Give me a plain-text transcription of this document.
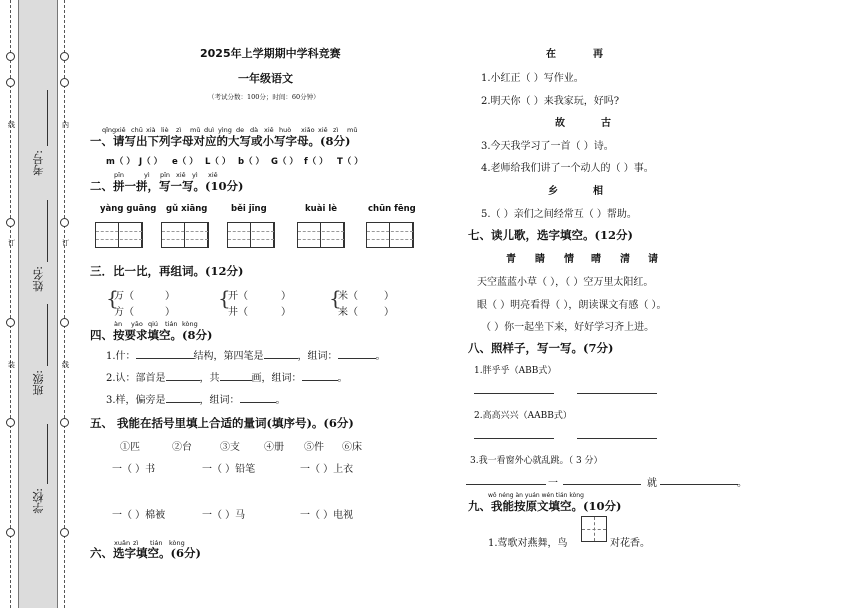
线
订
装
内
订
线
考号:
姓名:
班级:
学校:
2025年上学期期中学科竞赛
一年级语文
（考试分数：100分；时间：60分钟）
qǐngxiě chū xià liè zì mǔ duì yìng de dà xiě huò xiǎo xiě zì mǔ
一、请写出下列字母对应的大写或小写字母。(8分)
m（ ） J（ ） e（ ） L（ ） b（ ） G（ ） f（ ） T（ ）
pīn	yì pīn xiě yì xiě
二、拼一拼，写一写。(10分)
yàng guāng gǔ xiāng	běi jīng	kuài lè	chūn fēng
三．比一比，再组词。(12分)
{
万（	）
方（	）
{
开（	）
井（	）
{
米（	）
来（	）
àn yāo qiú tián kòng
四、按要求填空。(8分)
1.什：	结构，第四笔是	，组词：	。
2.认：部首是	，共	画，组词：	。
3.样，偏旁是	，组词：	。
五、 我能在括号里填上合适的量词(填序号)。(6分)
①匹	②台	③支 ④册 ⑤件 ⑥床
一（ ）书	一（ ）铅笔	一（ ）上衣
一（ ）棉被	一（ ）马	一（ ）电视
xuǎn zì tián kòng
六、选字填空。(6分)
在	再
1.小红正（ ）写作业。
2.明天你（ ）来我家玩，好吗?
故	古
3.今天我学习了一首（ ）诗。
4.老师给我们讲了一个动人的（ ）事。
乡	相
5.（ ）亲们之间经常互（ ）帮助。
七、读儿歌，选字填空。(12分)
青 睛 情 晴 清 请
天空蓝蓝小草（ ），（ ）空万里太阳红。
眼（ ）明亮看得（ ），朗读课文有感（ ）。
（ ）你一起坐下来，好好学习齐上进。
八、照样子，写一写。(7分)
1.胖乎乎（ABB式）
2.高高兴兴（AABB式）
3.我一看窗外心就乱跳。（ 3 分）
一	就	。
wǒ néng àn yuán wén tián kòng
九、我能按原文填空。(10分)
1.莺歌对燕舞，鸟	对花香。
